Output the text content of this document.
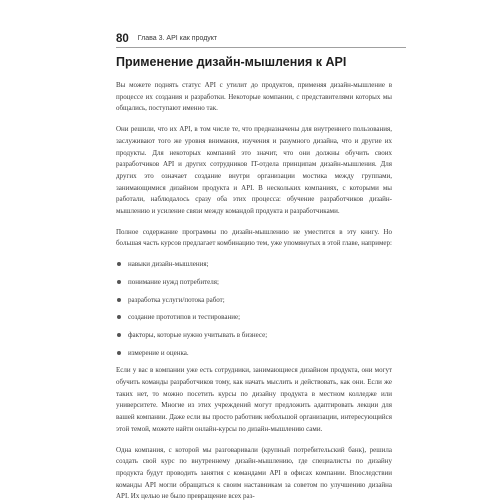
80 Глава 3. API как продукт
Применение дизайн-мышления к API

Вы можете поднять статус API с утилит до продуктов, применяя дизайн-мышление в процессе их создания и разработки. Некоторые компании, с представителями которых мы общались, поступают именно так.

Они решили, что их API, в том числе те, что предназначены для внутреннего пользования, заслуживают того же уровня внимания, изучения и разумного дизайна, что и другие их продукты. Для некоторых компаний это значит, что они должны обучить своих разработчиков API и других сотрудников IT-отдела принципам дизайн-мышления. Для других это означает создание внутри организации мостика между группами, занимающимися дизайном продукта и API. В нескольких компаниях, с которыми мы работали, наблюдалось сразу оба этих процесса: обучение разработчиков дизайн-мышлению и усиление связи между командой продукта и разработчиками.

Полное содержание программы по дизайн-мышлению не уместится в эту книгу. Но большая часть курсов предлагает комбинацию тем, уже упомянутых в этой главе, например:

навыки дизайн-мышления;
понимание нужд потребителя;
разработка услуги/потока работ;
создание прототипов и тестирование;
факторы, которые нужно учитывать в бизнесе;
измерение и оценка.

Если у вас в компании уже есть сотрудники, занимающиеся дизайном продукта, они могут обучить команды разработчиков тому, как начать мыслить и действовать, как они. Если же таких нет, то можно посетить курсы по дизайну продукта в местном колледже или университете. Многие из этих учреждений могут предложить адаптировать лекции для вашей компании. Даже если вы просто работник небольшой организации, интересующийся этой темой, можете найти онлайн-курсы по дизайн-мышлению сами.

Одна компания, с которой мы разговаривали (крупный потребительский банк), решила создать свой курс по внутреннему дизайн-мышлению, где специалисты по дизайну продукта будут проводить занятия с командами API в офисах компании. Впоследствии команды API могли обращаться к своим наставникам за советом по улучшению дизайна API. Их целью не было превращение всех раз-
